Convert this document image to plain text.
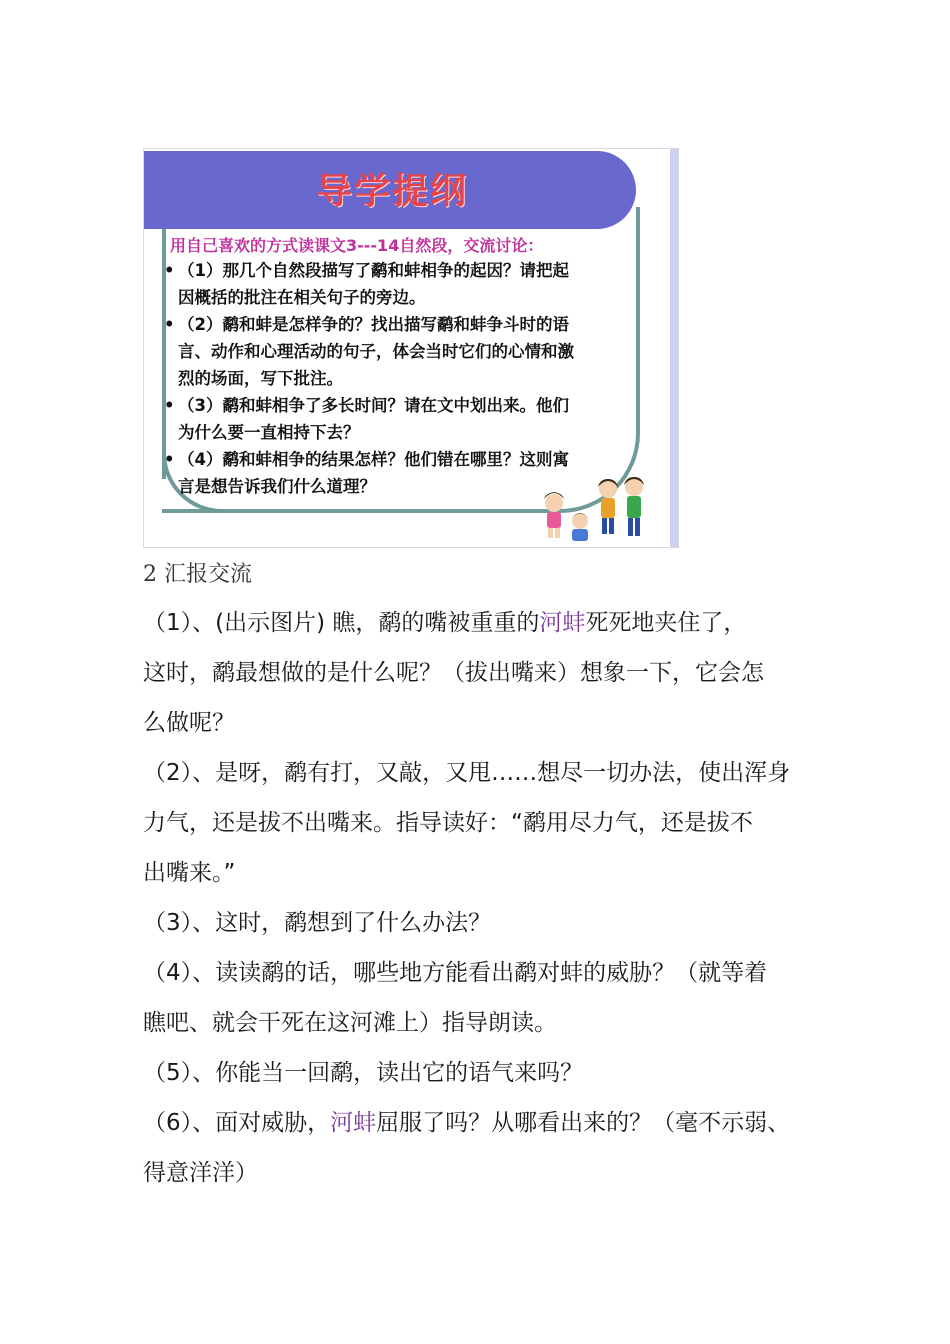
导学提纲
用自己喜欢的方式读课文3---14自然段，交流讨论：
• （1）那几个自然段描写了鹬和蚌相争的起因？请把起
因概括的批注在相关句子的旁边。
• （2）鹬和蚌是怎样争的？找出描写鹬和蚌争斗时的语
言、动作和心理活动的句子，体会当时它们的心情和激
烈的场面，写下批注。
• （3）鹬和蚌相争了多长时间？请在文中划出来。他们
为什么要一直相持下去？
• （4）鹬和蚌相争的结果怎样？他们错在哪里？这则寓
言是想告诉我们什么道理？
2 汇报交流
（1）、(出示图片) 瞧，鹬的嘴被重重的河蚌死死地夹住了，
这时，鹬最想做的是什么呢？（拔出嘴来）想象一下，它会怎
么做呢？
（2）、是呀，鹬有打，又敲，又甩……想尽一切办法，使出浑身
力气，还是拔不出嘴来。指导读好：“鹬用尽力气，还是拔不
出嘴来。”
（3）、这时，鹬想到了什么办法？
（4）、读读鹬的话，哪些地方能看出鹬对蚌的威胁？（就等着
瞧吧、就会干死在这河滩上）指导朗读。
（5）、你能当一回鹬，读出它的语气来吗？
（6）、面对威胁，河蚌屈服了吗？从哪看出来的？（毫不示弱、
得意洋洋）
